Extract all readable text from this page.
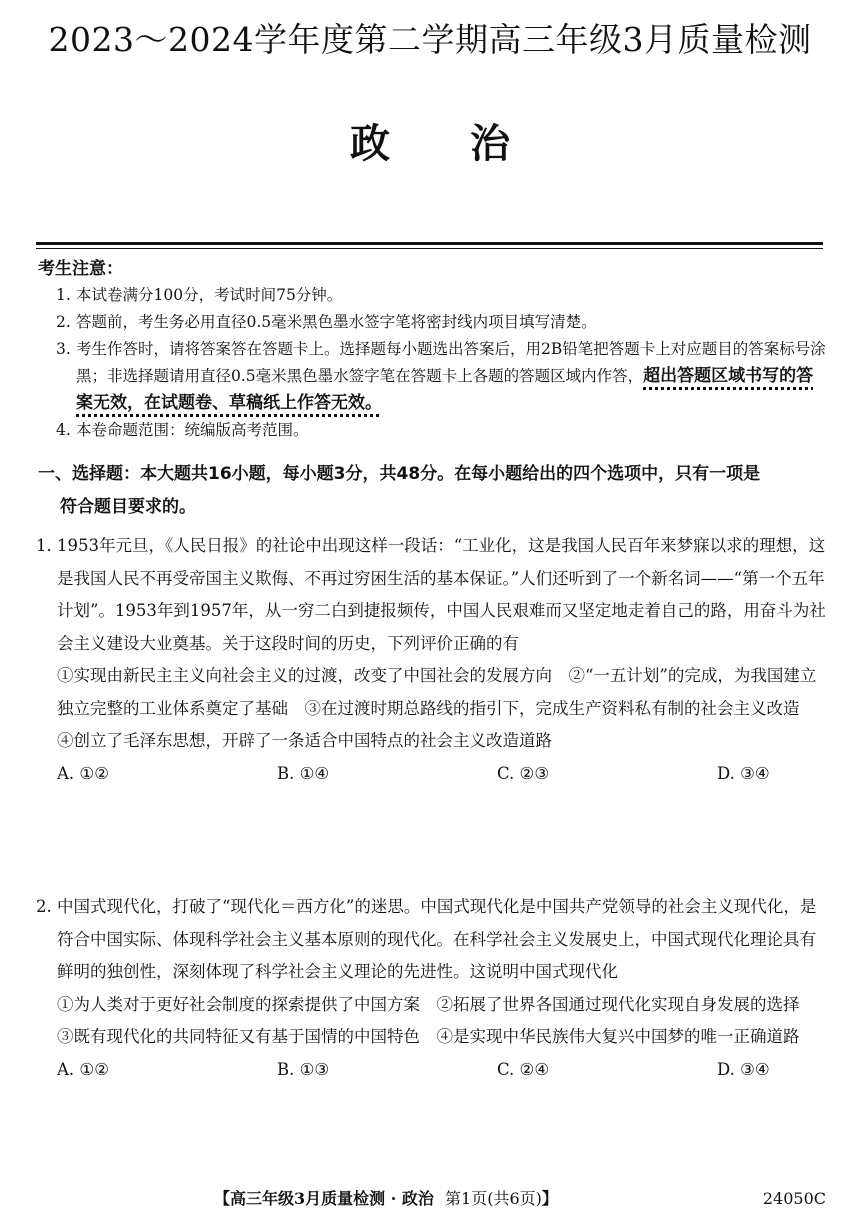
2023～2024学年度第二学期高三年级3月质量检测
政 治
考生注意：
1. 本试卷满分100分，考试时间75分钟。
2. 答题前，考生务必用直径0.5毫米黑色墨水签字笔将密封线内项目填写清楚。
3. 考生作答时，请将答案答在答题卡上。选择题每小题选出答案后，用2B铅笔把答题卡上对应题目的答案标号涂黑；非选择题请用直径0.5毫米黑色墨水签字笔在答题卡上各题的答题区域内作答，超出答题区域书写的答案无效，在试题卷、草稿纸上作答无效。
4. 本卷命题范围：统编版高考范围。
一、选择题：本大题共16小题，每小题3分，共48分。在每小题给出的四个选项中，只有一项是
符合题目要求的。
1. 1953年元旦，《人民日报》的社论中出现这样一段话：“工业化，这是我国人民百年来梦寐以求的理想，这是我国人民不再受帝国主义欺侮、不再过穷困生活的基本保证。”人们还听到了一个新名词——“第一个五年计划”。1953年到1957年，从一穷二白到捷报频传，中国人民艰难而又坚定地走着自己的路，用奋斗为社会主义建设大业奠基。关于这段时间的历史，下列评价正确的有
①实现由新民主主义向社会主义的过渡，改变了中国社会的发展方向　②“一五计划”的完成，为我国建立独立完整的工业体系奠定了基础　③在过渡时期总路线的指引下，完成生产资料私有制的社会主义改造　④创立了毛泽东思想，开辟了一条适合中国特点的社会主义改造道路
A. ①②	B. ①④	C. ②③	D. ③④
2. 中国式现代化，打破了“现代化＝西方化”的迷思。中国式现代化是中国共产党领导的社会主义现代化，是符合中国实际、体现科学社会主义基本原则的现代化。在科学社会主义发展史上，中国式现代化理论具有鲜明的独创性，深刻体现了科学社会主义理论的先进性。这说明中国式现代化
①为人类对于更好社会制度的探索提供了中国方案　②拓展了世界各国通过现代化实现自身发展的选择　③既有现代化的共同特征又有基于国情的中国特色　④是实现中华民族伟大复兴中国梦的唯一正确道路
A. ①②	B. ①③	C. ②④	D. ③④
【高三年级3月质量检测 · 政治 第1页(共6页)】	24050C
